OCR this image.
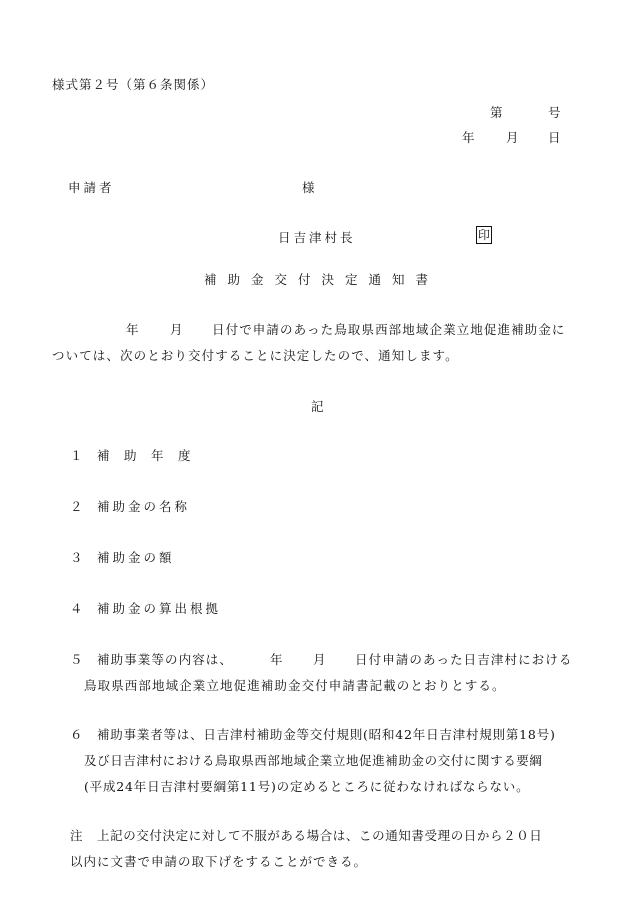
様式第２号（第６条関係）
第	号
年 月 日
申請者	様
日吉津村長	印
補助金交付決定通知書
年 月 日付で申請のあった鳥取県西部地域企業立地促進補助金に
ついては、次のとおり交付することに決定したので、通知します。
記
１ 補　助　年　度
２ 補助金の名称
３ 補助金の額
４ 補助金の算出根拠
５ 補助事業等の内容は、	年 月 日付申請のあった日吉津村における
鳥取県西部地域企業立地促進補助金交付申請書記載のとおりとする。
６ 補助事業者等は、日吉津村補助金等交付規則(昭和42年日吉津村規則第18号)
及び日吉津村における鳥取県西部地域企業立地促進補助金の交付に関する要綱
(平成24年日吉津村要綱第11号)の定めるところに従わなければならない。
注 上記の交付決定に対して不服がある場合は、この通知書受理の日から２０日
以内に文書で申請の取下げをすることができる。
